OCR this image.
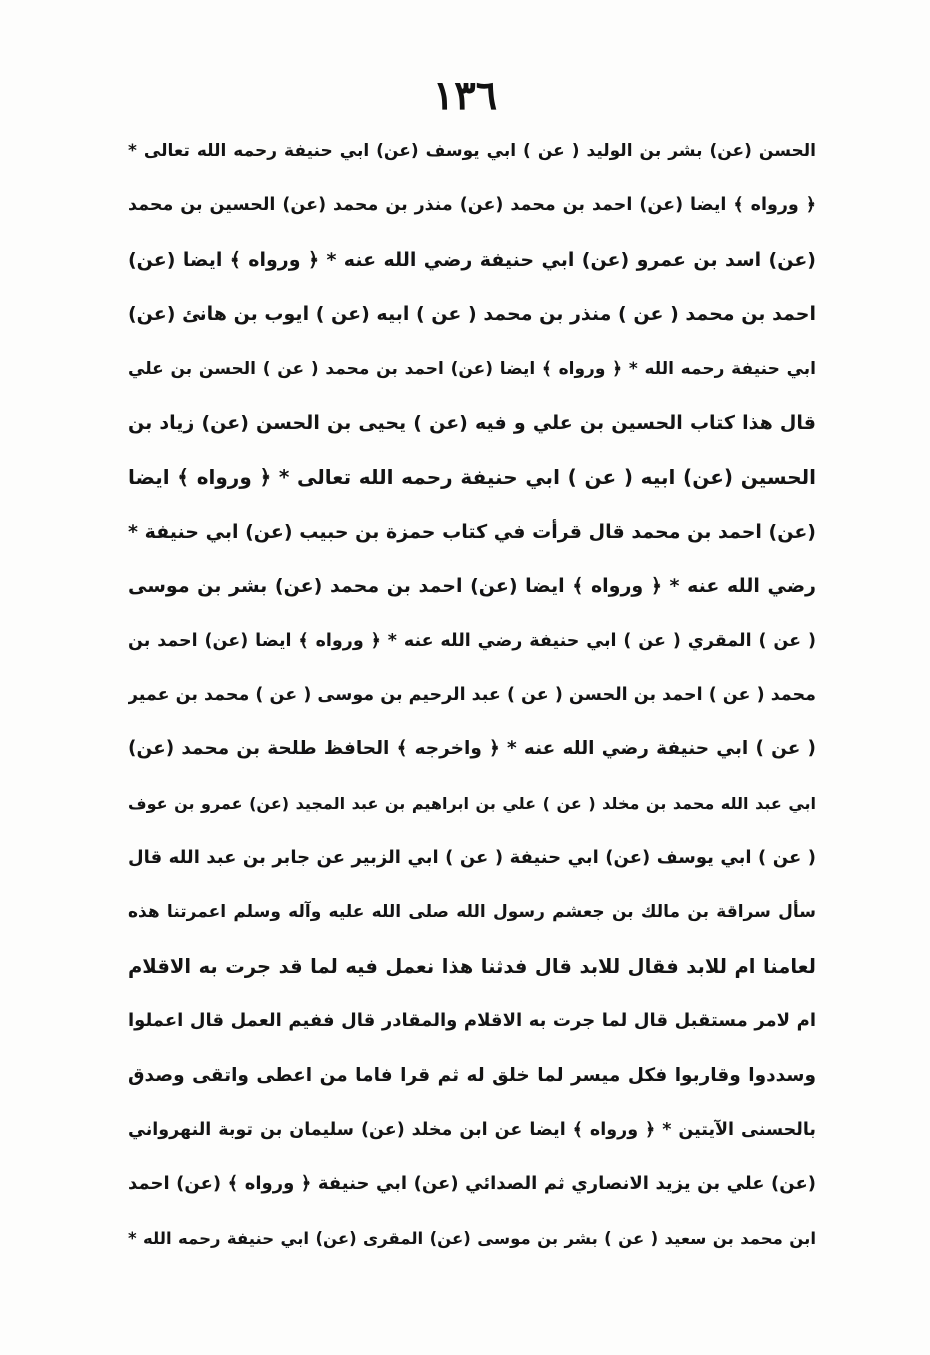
١٣٦
الحسن (عن) بشر بن الوليد ( عن ) ابي يوسف (عن) ابي حنيفة رحمه الله تعالى *
﴿ ورواه ﴾ ايضا (عن) احمد بن محمد (عن) منذر بن محمد (عن) الحسين بن محمد
(عن) اسد بن عمرو (عن) ابي حنيفة رضي الله عنه * ﴿ ورواه ﴾ ايضا (عن)
احمد بن محمد ( عن ) منذر بن محمد ( عن ) ابيه (عن ) ايوب بن هانئ (عن)
ابي حنيفة رحمه الله * ﴿ ورواه ﴾ ايضا (عن) احمد بن محمد ( عن ) الحسن بن علي
قال هذا كتاب الحسين بن علي و فيه (عن ) يحيى بن الحسن (عن) زياد بن
الحسين (عن) ابيه ( عن ) ابي حنيفة رحمه الله تعالى * ﴿ ورواه ﴾ ايضا
(عن) احمد بن محمد قال قرأت في كتاب حمزة بن حبيب (عن) ابي حنيفة *
رضي الله عنه * ﴿ ورواه ﴾ ايضا (عن) احمد بن محمد (عن) بشر بن موسى
( عن ) المقري ( عن ) ابي حنيفة رضي الله عنه * ﴿ ورواه ﴾ ايضا (عن) احمد بن
محمد ( عن ) احمد بن الحسن ( عن ) عبد الرحيم بن موسى ( عن ) محمد بن عمير
( عن ) ابي حنيفة رضي الله عنه * ﴿ واخرجه ﴾ الحافظ طلحة بن محمد (عن)
ابي عبد الله محمد بن مخلد ( عن ) علي بن ابراهيم بن عبد المجيد (عن) عمرو بن عوف
( عن ) ابي يوسف (عن) ابي حنيفة ( عن ) ابي الزبير عن جابر بن عبد الله قال
سأل سراقة بن مالك بن جعشم رسول الله صلى الله عليه وآله وسلم اعمرتنا هذه
لعامنا ام للابد فقال للابد قال فدثنا هذا نعمل فيه لما قد جرت به الاقلام
ام لامر مستقبل قال لما جرت به الاقلام والمقادر قال ففيم العمل قال اعملوا
وسددوا وقاربوا فكل ميسر لما خلق له ثم قرا فاما من اعطى واتقى وصدق
بالحسنى الآيتين * ﴿ ورواه ﴾ ايضا عن ابن مخلد (عن) سليمان بن توبة النهرواني
(عن) علي بن يزيد الانصاري ثم الصدائي (عن) ابي حنيفة ﴿ ورواه ﴾ (عن) احمد
ابن محمد بن سعيد ( عن ) بشر بن موسى (عن) المقرى (عن) ابي حنيفة رحمه الله *
